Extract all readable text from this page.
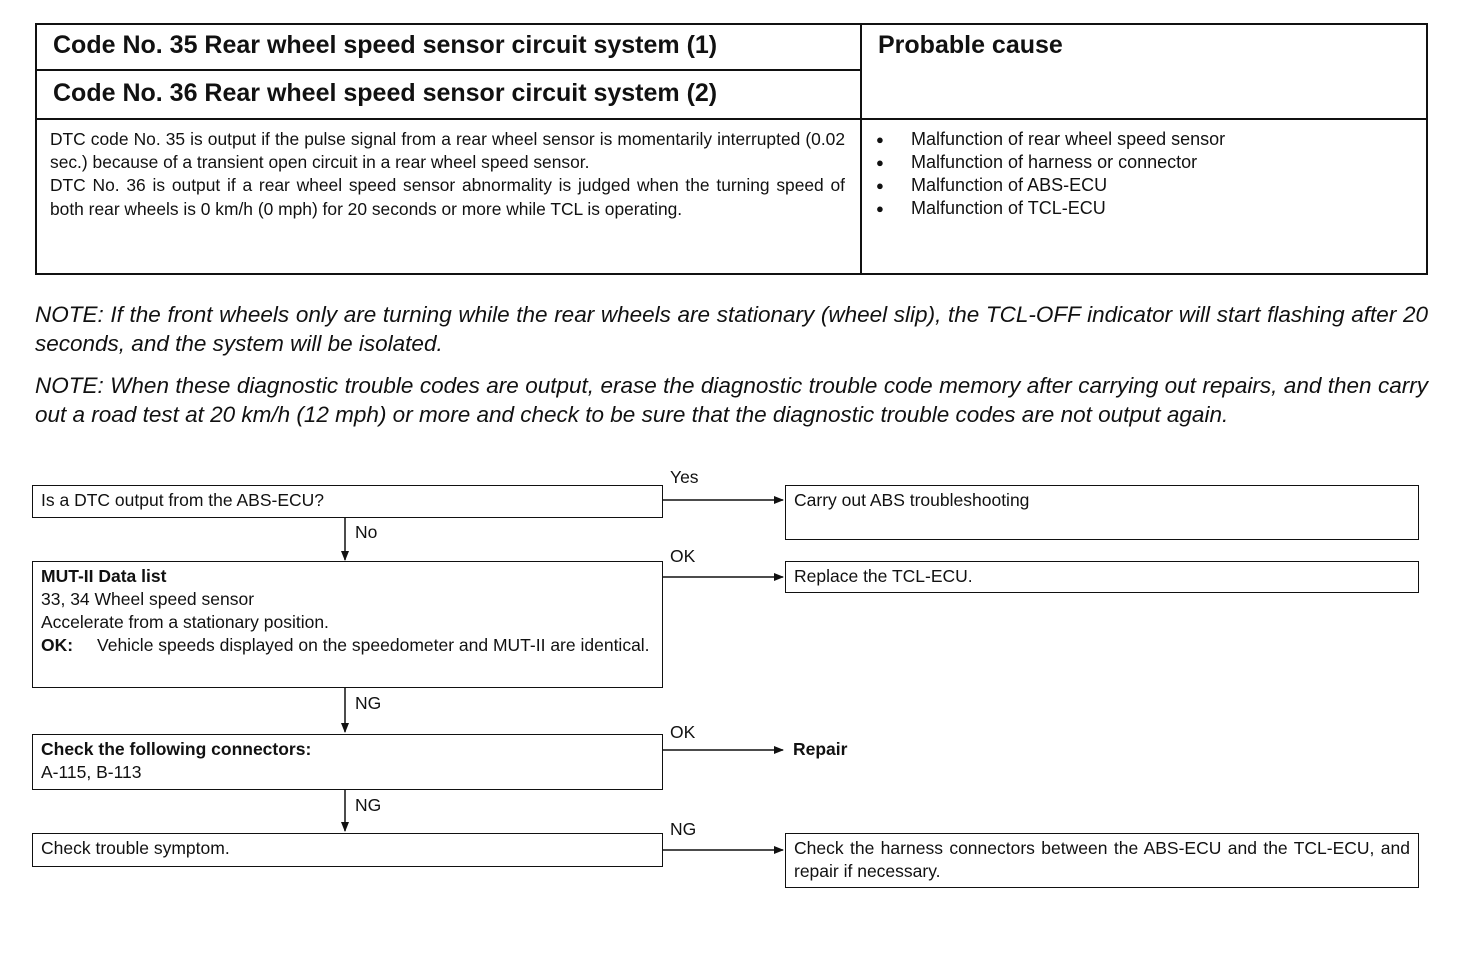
Code No. 35 Rear wheel speed sensor circuit system (1)
Code No. 36 Rear wheel speed sensor circuit system (2)
Probable cause

DTC code No. 35 is output if the pulse signal from a rear wheel sensor is momentarily interrupted (0.02 sec.) because of a transient open circuit in a rear wheel speed sensor.

DTC No. 36 is output if a rear wheel speed sensor abnormality is judged when the turning speed of both rear wheels is 0 km/h (0 mph) for 20 seconds or more while TCL is operating.

● Malfunction of rear wheel speed sensor
● Malfunction of harness or connector
● Malfunction of ABS-ECU
● Malfunction of TCL-ECU

NOTE: If the front wheels only are turning while the rear wheels are stationary (wheel slip), the TCL-OFF indicator will start flashing after 20 seconds, and the system will be isolated.

NOTE: When these diagnostic trouble codes are output, erase the diagnostic trouble code memory after carrying out repairs, and then carry out a road test at 20 km/h (12 mph) or more and check to be sure that the diagnostic trouble codes are not output again.

Is a DTC output from the ABS-ECU?
Yes
Carry out ABS troubleshooting
No
MUT-II Data list
33, 34 Wheel speed sensor
Accelerate from a stationary position.
OK:	Vehicle speeds displayed on the speedometer and MUT-II are identical.
OK
Replace the TCL-ECU.
NG
Check the following connectors:
A-115, B-113
OK
Repair
NG
Check trouble symptom.
NG
Check the harness connectors between the ABS-ECU and the TCL-ECU, and repair if necessary.
